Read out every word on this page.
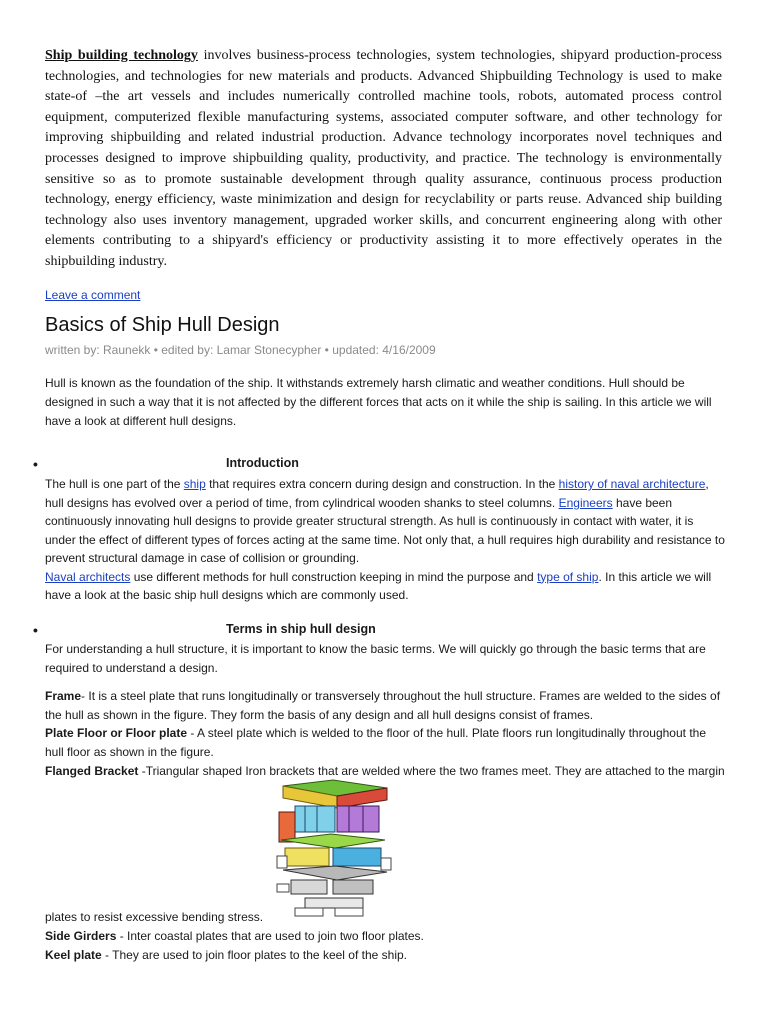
Ship building technology involves business-process technologies, system technologies, shipyard production-process technologies, and technologies for new materials and products. Advanced Shipbuilding Technology is used to make state-of –the art vessels and includes numerically controlled machine tools, robots, automated process control equipment, computerized flexible manufacturing systems, associated computer software, and other technology for improving shipbuilding and related industrial production. Advance technology incorporates novel techniques and processes designed to improve shipbuilding quality, productivity, and practice. The technology is environmentally sensitive so as to promote sustainable development through quality assurance, continuous process production technology, energy efficiency, waste minimization and design for recyclability or parts reuse. Advanced ship building technology also uses inventory management, upgraded worker skills, and concurrent engineering along with other elements contributing to a shipyard's efficiency or productivity assisting it to more effectively operates in the shipbuilding industry.

Leave a comment
Basics of Ship Hull Design
written by: Raunekk • edited by: Lamar Stonecypher • updated: 4/16/2009

Hull is known as the foundation of the ship. It withstands extremely harsh climatic and weather conditions. Hull should be designed in such a way that it is not affected by the different forces that acts on it while the ship is sailing. In this article we will have a look at different hull designs.

•	Introduction

The hull is one part of the ship that requires extra concern during design and construction. In the history of naval architecture, hull designs has evolved over a period of time, from cylindrical wooden shanks to steel columns. Engineers have been continuously innovating hull designs to provide greater structural strength. As hull is continuously in contact with water, it is under the effect of different types of forces acting at the same time. Not only that, a hull requires high durability and resistance to prevent structural damage in case of collision or grounding.
Naval architects use different methods for hull construction keeping in mind the purpose and type of ship. In this article we will have a look at the basic ship hull designs which are commonly used.

•	Terms in ship hull design

For understanding a hull structure, it is important to know the basic terms. We will quickly go through the basic terms that are required to understand a design.

Frame- It is a steel plate that runs longitudinally or transversely throughout the hull structure. Frames are welded to the sides of the hull as shown in the figure. They form the basis of any design and all hull designs consist of frames.

Plate Floor or Floor plate - A steel plate which is welded to the floor of the hull. Plate floors run longitudinally throughout the hull floor as shown in the figure.

Flanged Bracket -Triangular shaped Iron brackets that are welded where the two frames meet. They are attached to the margin

plates to resist excessive bending stress.

Side Girders - Inter coastal plates that are used to join two floor plates.

Keel plate - They are used to join floor plates to the keel of the ship.
